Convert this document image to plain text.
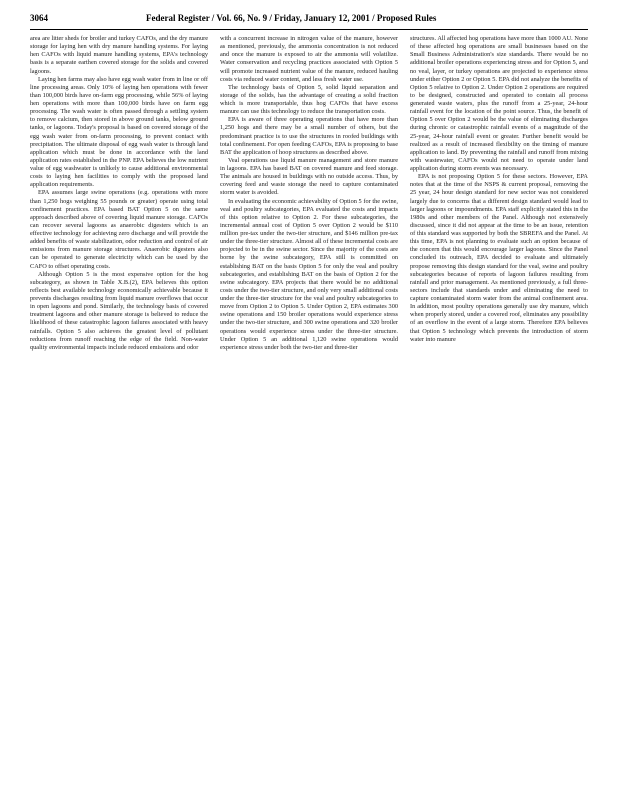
3064	Federal Register / Vol. 66, No. 9 / Friday, January 12, 2001 / Proposed Rules

area are litter sheds for broiler and turkey CAFOs, and the dry manure storage for laying hen with dry manure handling systems. For laying hen CAFOs with liquid manure handling systems, EPA's technology basis is a separate earthen covered storage for the solids and covered lagoons.

Laying hen farms may also have egg wash water from in line or off line processing areas. Only 10% of laying hen operations with fewer than 100,000 birds have on-farm egg processing, while 56% of laying hen operations with more than 100,000 birds have on farm egg processing. The wash water is often passed through a settling system to remove calcium, then stored in above ground tanks, below ground tanks, or lagoons. Today's proposal is based on covered storage of the egg wash water from on-farm processing, to prevent contact with precipitation. The ultimate disposal of egg wash water is through land application which must be done in accordance with the land application rates established in the PNP. EPA believes the low nutrient value of egg washwater is unlikely to cause additional environmental costs to laying hen facilities to comply with the proposed land application requirements.

EPA assumes large swine operations (e.g. operations with more than 1,250 hogs weighing 55 pounds or greater) operate using total confinement practices. EPA based BAT Option 5 on the same approach described above of covering liquid manure storage. CAFOs can recover several lagoons as anaerobic digesters which is an effective technology for achieving zero discharge and will provide the added benefits of waste stabilization, odor reduction and control of air emissions from manure storage structures. Anaerobic digesters also can be operated to generate electricity which can be used by the CAFO to offset operating costs.

Although Option 5 is the most expensive option for the hog subcategory, as shown in Table X.B.(2), EPA believes this option reflects best available technology economically achievable because it prevents discharges resulting from liquid manure overflows that occur in open lagoons and pond. Similarly, the technology basis of covered treatment lagoons and other manure storage is believed to reduce the likelihood of these catastrophic lagoon failures associated with heavy rainfalls. Option 5 also achieves the greatest level of pollutant reductions from runoff reaching the edge of the field. Non-water quality environmental impacts include reduced emissions and odor

with a concurrent increase in nitrogen value of the manure, however as mentioned, previously, the ammonia concentration is not reduced and once the manure is exposed to air the ammonia will volatilize. Water conservation and recycling practices associated with Option 5 will promote increased nutrient value of the manure, reduced hauling costs via reduced water content, and less fresh water use.

The technology basis of Option 5, solid liquid separation and storage of the solids, has the advantage of creating a solid fraction which is more transportable, thus hog CAFOs that have excess manure can use this technology to reduce the transportation costs.

EPA is aware of three operating operations that have more than 1,250 hogs and there may be a small number of others, but the predominant practice is to use the structures in roofed buildings with total confinement. For open feeding CAFOs, EPA is proposing to base BAT the application of hoop structures as described above.

Veal operations use liquid manure management and store manure in lagoons. EPA has based BAT on covered manure and feed storage. The animals are housed in buildings with no outside access. Thus, by covering feed and waste storage the need to capture contaminated storm water is avoided.

In evaluating the economic achievability of Option 5 for the swine, veal and poultry subcategories, EPA evaluated the costs and impacts of this option relative to Option 2. For these subcategories, the incremental annual cost of Option 5 over Option 2 would be $110 million pre-tax under the two-tier structure, and $146 million pre-tax under the three-tier structure. Almost all of these incremental costs are projected to be in the swine sector. Since the majority of the costs are borne by the swine subcategory, EPA still is committed on establishing BAT on the basis Option 5 for only the veal and poultry subcategories, and establishing BAT on the basis of Option 2 for the swine subcategory. EPA projects that there would be no additional costs under the two-tier structure, and only very small additional costs under the three-tier structure for the veal and poultry subcategories to move from Option 2 to Option 5. Under Option 2, EPA estimates 300 swine operations and 150 broiler operations would experience stress under the two-tier structure, and 300 swine operations and 320 broiler operations would experience stress under the three-tier structure. Under Option 5 an additional 1,120 swine operations would experience stress under both the two-tier and three-tier

structures. All affected hog operations have more than 1000 AU. None of these affected hog operations are small businesses based on the Small Business Administration's size standards. There would be no additional broiler operations experiencing stress and for Option 5, and no veal, layer, or turkey operations are projected to experience stress under either Option 2 or Option 5. EPA did not analyze the benefits of Option 5 relative to Option 2. Under Option 2 operations are required to be designed, constructed and operated to contain all process generated waste waters, plus the runoff from a 25-year, 24-hour rainfall event for the location of the point source. Thus, the benefit of Option 5 over Option 2 would be the value of eliminating discharges during chronic or catastrophic rainfall events of a magnitude of the 25-year, 24-hour rainfall event or greater. Further benefit would be realized as a result of increased flexibility on the timing of manure application to land. By preventing the rainfall and runoff from mixing with wastewater, CAFOs would not need to operate under land application during storm events was necessary.

EPA is not proposing Option 5 for these sectors. However, EPA notes that at the time of the NSPS & current proposal, removing the 25 year, 24 hour design standard for new sector was not considered largely due to concerns that a different design standard would lead to larger lagoons or impoundments. EPA staff explicitly stated this in the 1980s and other members of the Panel. Although not extensively discussed, since it did not appear at the time to be an issue, retention of this standard was supported by both the SBREFA and the Panel. At this time, EPA is not planning to evaluate such an option because of the concern that this would encourage larger lagoons. Since the Panel concluded its outreach, EPA decided to evaluate and ultimately propose removing this design standard for the veal, swine and poultry subcategories because of reports of lagoon failures resulting from rainfall and prior management. As mentioned previously, a full three-sectors include that standards under and eliminating the need to capture contaminated storm water from the animal confinement area. In addition, most poultry operations generally use dry manure, which when properly stored, under a covered roof, eliminates any possibility of an overflow in the event of a large storm. Therefore EPA believes that Option 5 technology which prevents the introduction of storm water into manure
